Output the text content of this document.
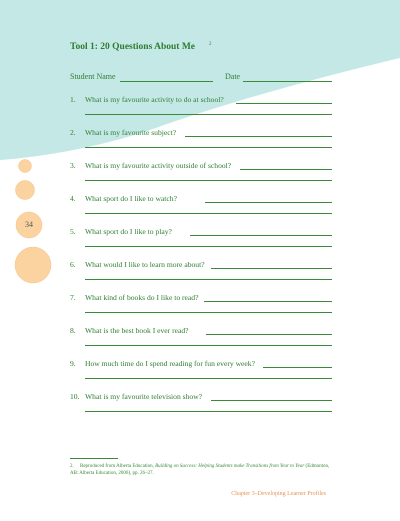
34
Tool 1: 20 Questions About Me	$^2$
Student Name	Date
1. What is my favourite activity to do at school?
2. What is my favourite subject?
3. What is my favourite activity outside of school?
4. What sport do I like to watch?
5. What sport do I like to play?
6. What would I like to learn more about?
7. What kind of books do I like to read?
8. What is the best book I ever read?
9. How much time do I spend reading for fun every week?
10. What is my favourite television show?
2. Reproduced from Alberta Education, Building on Success: Helping Students make Transitions from Year to Year (Edmonton, AB: Alberta Education, 2006), pp. 26–27.
Chapter 3–Developing Learner Profiles
